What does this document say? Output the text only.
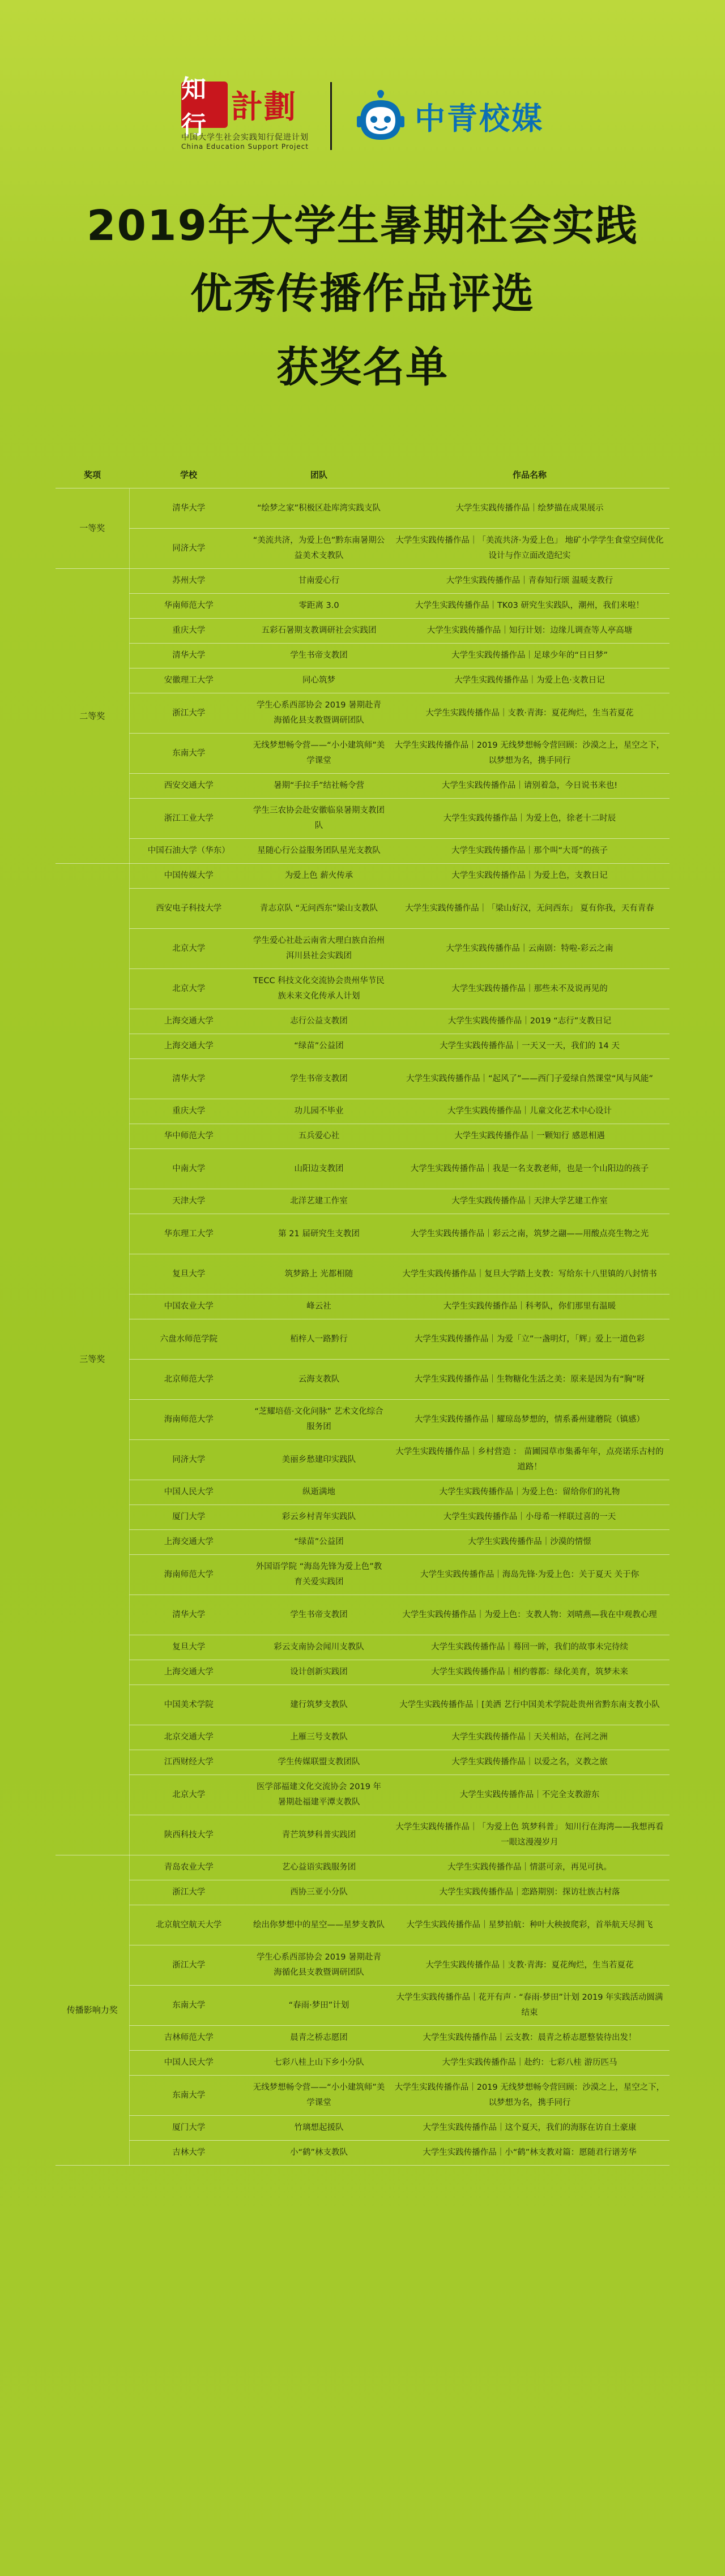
知行 計劃
中国大学生社会实践知行促进计划
China Education Support Project
中青校媒
2019年大学生暑期社会实践
优秀传播作品评选
获奖名单
奖项	学校	团队	作品名称
一等奖	清华大学	“绘梦之家”积极区赴库湾实践支队	大学生实践传播作品｜绘梦描在成果展示
	同济大学	“美流共济，为爱上色”黔东南暑期公益美术支教队	大学生实践传播作品｜「美流共济·为爱上色」 地矿小学学生食堂空间优化设计与作立面改造纪实
二等奖	苏州大学	甘南爱心行	大学生实践传播作品｜青春知行颂 温暖支教行
	华南师范大学	零距离 3.0	大学生实践传播作品｜TK03 研究生实践队，潮州，我们来啦！
	重庆大学	五彩石暑期支教调研社会实践团	大学生实践传播作品｜知行计划：边缘儿调查等人亭高塘
	清华大学	学生书帝支教团	大学生实践传播作品｜足球少年的“日日梦”
	安徽理工大学	同心筑梦	大学生实践传播作品｜为爱上色·支教日记
	浙江大学	学生心系西部协会 2019 暑期赴青海循化县支教暨调研团队	大学生实践传播作品｜支教·青海：夏花绚烂，生当若夏花
	东南大学	无线梦想畅令营——“小小建筑师”美学课堂	大学生实践传播作品｜2019 无线梦想畅令营回顾：沙漠之上，星空之下，以梦想为名，携手同行
	西安交通大学	暑期“手拉手”结社畅令营	大学生实践传播作品｜请别着急，今日说书来也!
	浙江工业大学	学生三农协会赴安徽临泉暑期支教团队	大学生实践传播作品｜为爱上色，徐老十二时辰
	中国石油大学（华东）	星随心行公益服务团队星光支教队	大学生实践传播作品｜那个叫“大哥”的孩子
三等奖	中国传媒大学	为爱上色 薪火传承	大学生实践传播作品｜为爱上色，支教日记
	西安电子科技大学	青志京队 “无问西东”梁山支教队	大学生实践传播作品｜「梁山好汉，无问西东」 夏有你我，天有青春
	北京大学	学生爱心社赴云南省大理白族自治州洱川县社会实践团	大学生实践传播作品｜云南剧：特啦-彩云之南
	北京大学	TECC 科技文化交流协会贵州华节民族未来文化传承人计划	大学生实践传播作品｜那些未不及说再见的
	上海交通大学	志行公益支教团	大学生实践传播作品｜2019 “志行”支教日记
	上海交通大学	“绿苗”公益团	大学生实践传播作品｜一天又一天，我们的 14 天
	清华大学	学生书帝支教团	大学生实践传播作品｜“起风了”——西门子爱绿自然课堂“风与风能”
	重庆大学	功儿园不毕业	大学生实践传播作品｜儿童文化艺术中心设计
	华中师范大学	五兵爱心社	大学生实践传播作品｜一颗知行 感恩相遇
	中南大学	山阳边支教团	大学生实践传播作品｜我是一名支教老师，也是一个山阳边的孩子
	天津大学	北洋艺建工作室	大学生实践传播作品｜天津大学艺建工作室
	华东理工大学	第 21 届研究生支教团	大学生实践传播作品｜彩云之南，筑梦之翮——用酸点亮生物之光
	复旦大学	筑梦路上 光都相随	大学生实践传播作品｜复旦大学踏上支教：写给东十八里镇的八封情书
	中国农业大学	峰云社	大学生实践传播作品｜科考队，你们那里有温暖
	六盘水师范学院	栢梓人一路黔行	大学生实践传播作品｜为爱「立”一盏明灯，「辉」爱上一道色彩
	北京师范大学	云海支教队	大学生实践传播作品｜生物糖化生活之美：原来是因为有“胸”呀
	海南师范大学	“芝耀培蓓·文化问脉” 艺术文化综合服务团	大学生实践传播作品｜耀琼岛梦想的，情系番州建蘑院（镇感）
	同济大学	美丽乡愁建印实践队	大学生实践传播作品｜乡村营造 ： 苗圃园草市集番年年，点亮诺乐古村的道路！
	中国人民大学	纵逝满地	大学生实践传播作品｜为爱上色：留给你们的礼物
	厦门大学	彩云乡村青年实践队	大学生实践传播作品｜小母希一样联过喜的一天
	上海交通大学	“绿苗”公益团	大学生实践传播作品｜沙漠的情憬
	海南师范大学	外国语学院 “海岛先锋为爱上色”教育关爱实践团	大学生实践传播作品｜海岛先锋·为爱上色：关于夏天 关于你
	清华大学	学生书帝支教团	大学生实践传播作品｜为爱上色：支教人物：刘晴燕—我在中观教心理
	复旦大学	彩云支南协会闻川支教队	大学生实践传播作品｜蓦回一眸，我们的故事未完待续
	上海交通大学	设计创新实践团	大学生实践传播作品｜相约蓉都：绿化美育，筑梦未来
	中国美术学院	建行筑梦支教队	大学生实践传播作品｜[美洒 艺行中国美术学院赴贵州省黔东南支教小队
	北京交通大学	上雁三号支教队	大学生实践传播作品｜天关相站，在河之洲
	江西财经大学	学生传媒联盟支教团队	大学生实践传播作品｜以爱之名，义教之旅
	北京大学	医学部福建文化交流协会 2019 年暑期赴福建平潭支教队	大学生实践传播作品｜不完全支教游东
	陕西科技大学	青芒筑梦科普实践团	大学生实践传播作品｜「为爱上色 筑梦科普」 知川行在海湾——我想再看一眼这漫漫岁月
传播影响力奖	青岛农业大学	艺心益语实践服务团	大学生实践传播作品｜情湛可亲，再见可执。
	浙江大学	西协三亚小分队	大学生实践传播作品｜恋路期别：探访壮族古村落
	北京航空航天大学	绘出你梦想中的星空——星梦支教队	大学生实践传播作品｜星梦拍航：种叶大秧披爬彩，首举航天尽拥飞
	浙江大学	学生心系西部协会 2019 暑期赴青海循化县支教暨调研团队	大学生实践传播作品｜支教·青海：夏花绚烂，生当若夏花
	东南大学	“春雨·梦田”计划	大学生实践传播作品｜花开有声 · “春雨·梦田”计划 2019 年实践活动圆满结束
	吉林师范大学	晨青之桥志愿团	大学生实践传播作品｜云支教：晨青之桥志愿整装待出发！
	中国人民大学	七彩八桂上山下乡小分队	大学生实践传播作品｜赴约：七彩八桂 游历匹马
	东南大学	无线梦想畅令营——“小小建筑师”美学课堂	大学生实践传播作品｜2019 无线梦想畅令营回顾：沙漠之上，星空之下，以梦想为名，携手同行
	厦门大学	竹璃想起援队	大学生实践传播作品｜这个夏天，我们的海豚在访自土豪康
	吉林大学	小“鹤”林支教队	大学生实践传播作品｜小“鹤”林支教对篇：愿随君行谱芳华
